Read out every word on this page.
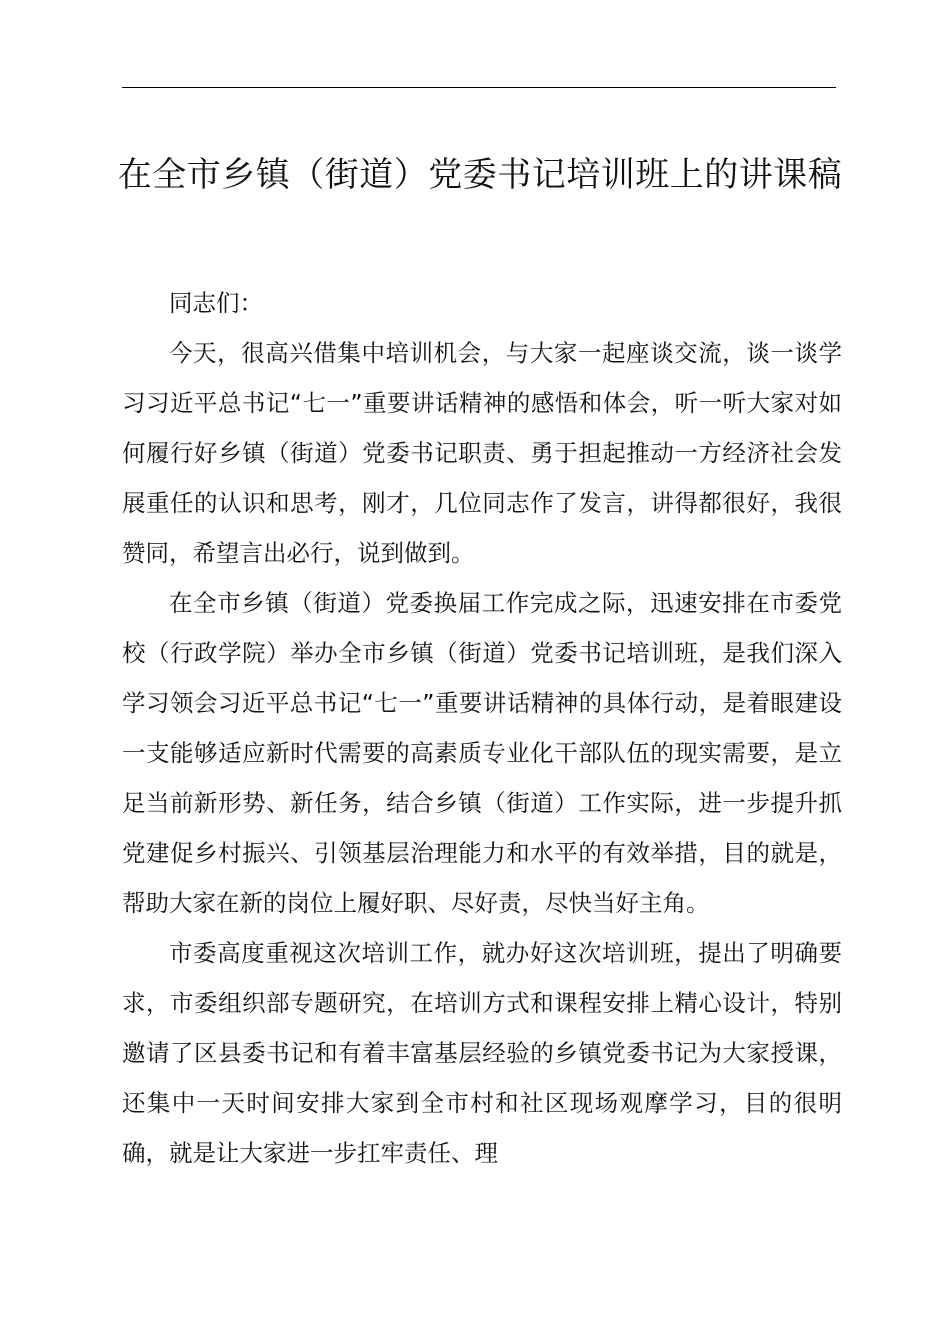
在全市乡镇（街道）党委书记培训班上的讲课稿

同志们：

今天，很高兴借集中培训机会，与大家一起座谈交流，谈一谈学习习近平总书记“七一”重要讲话精神的感悟和体会，听一听大家对如何履行好乡镇（街道）党委书记职责、勇于担起推动一方经济社会发展重任的认识和思考，刚才，几位同志作了发言，讲得都很好，我很赞同，希望言出必行，说到做到。

在全市乡镇（街道）党委换届工作完成之际，迅速安排在市委党校（行政学院）举办全市乡镇（街道）党委书记培训班，是我们深入学习领会习近平总书记“七一”重要讲话精神的具体行动，是着眼建设一支能够适应新时代需要的高素质专业化干部队伍的现实需要，是立足当前新形势、新任务，结合乡镇（街道）工作实际，进一步提升抓党建促乡村振兴、引领基层治理能力和水平的有效举措，目的就是，帮助大家在新的岗位上履好职、尽好责，尽快当好主角。

市委高度重视这次培训工作，就办好这次培训班，提出了明确要求，市委组织部专题研究，在培训方式和课程安排上精心设计，特别邀请了区县委书记和有着丰富基层经验的乡镇党委书记为大家授课，还集中一天时间安排大家到全市村和社区现场观摩学习，目的很明确，就是让大家进一步扛牢责任、理
